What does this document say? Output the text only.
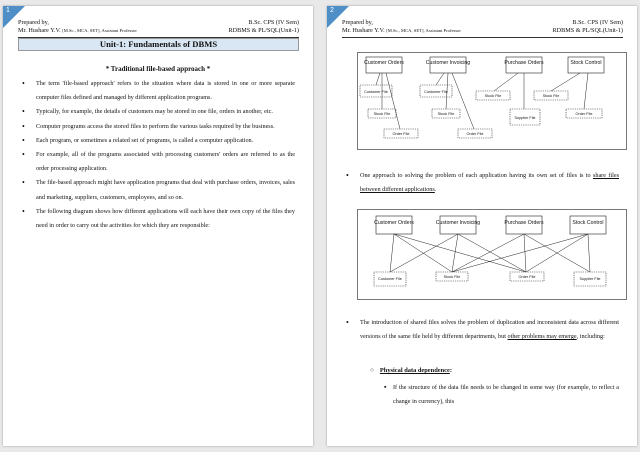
1
Prepared by,
Mr. Hushare Y.V. [M.Sc., MCA, SET], Assistant Professor
B.Sc. CPS (IV Sem)
RDBMS & PL/SQL(Unit-1)
Unit-1: Fundamentals of DBMS
* Traditional file-based approach *
• The term 'file-based approach' refers to the situation where data is stored in one or more separate computer files defined and managed by different application programs.
• Typically, for example, the details of customers may be stored in one file, orders in another, etc.
• Computer programs access the stored files to perform the various tasks required by the business.
• Each program, or sometimes a related set of programs, is called a computer application.
• For example, all of the programs associated with processing customers' orders are referred to as the order processing application.
• The file-based approach might have application programs that deal with purchase orders, invoices, sales and marketing, suppliers, customers, employees, and so on.
• The following diagram shows how different applications will each have their own copy of the files they need in order to carry out the activities for which they are responsible:
2
Prepared by,
Mr. Hushare Y.V. [M.Sc., MCA, SET], Assistant Professor
B.Sc. CPS (IV Sem)
RDBMS & PL/SQL(Unit-1)
Customer Orders	Customer Invoicing	Purchase Orders	Stock Control
Customer File	Customer File
Stock File	Stock File
Stock File	Stock File
Order File	Order File
Supplier File
Order File
• One approach to solving the problem of each application having its own set of files is to share files between different applications.
Customer Orders	Customer Invoicing	Purchase Orders	Stock Control
Customer File	Stock File	Order File	Supplier File
• The introduction of shared files solves the problem of duplication and inconsistent data across different versions of the same file held by different departments, but other problems may emerge, including:
○ Physical data dependence:
▪ If the structure of the data file needs to be changed in some way (for example, to reflect a change in currency), this
